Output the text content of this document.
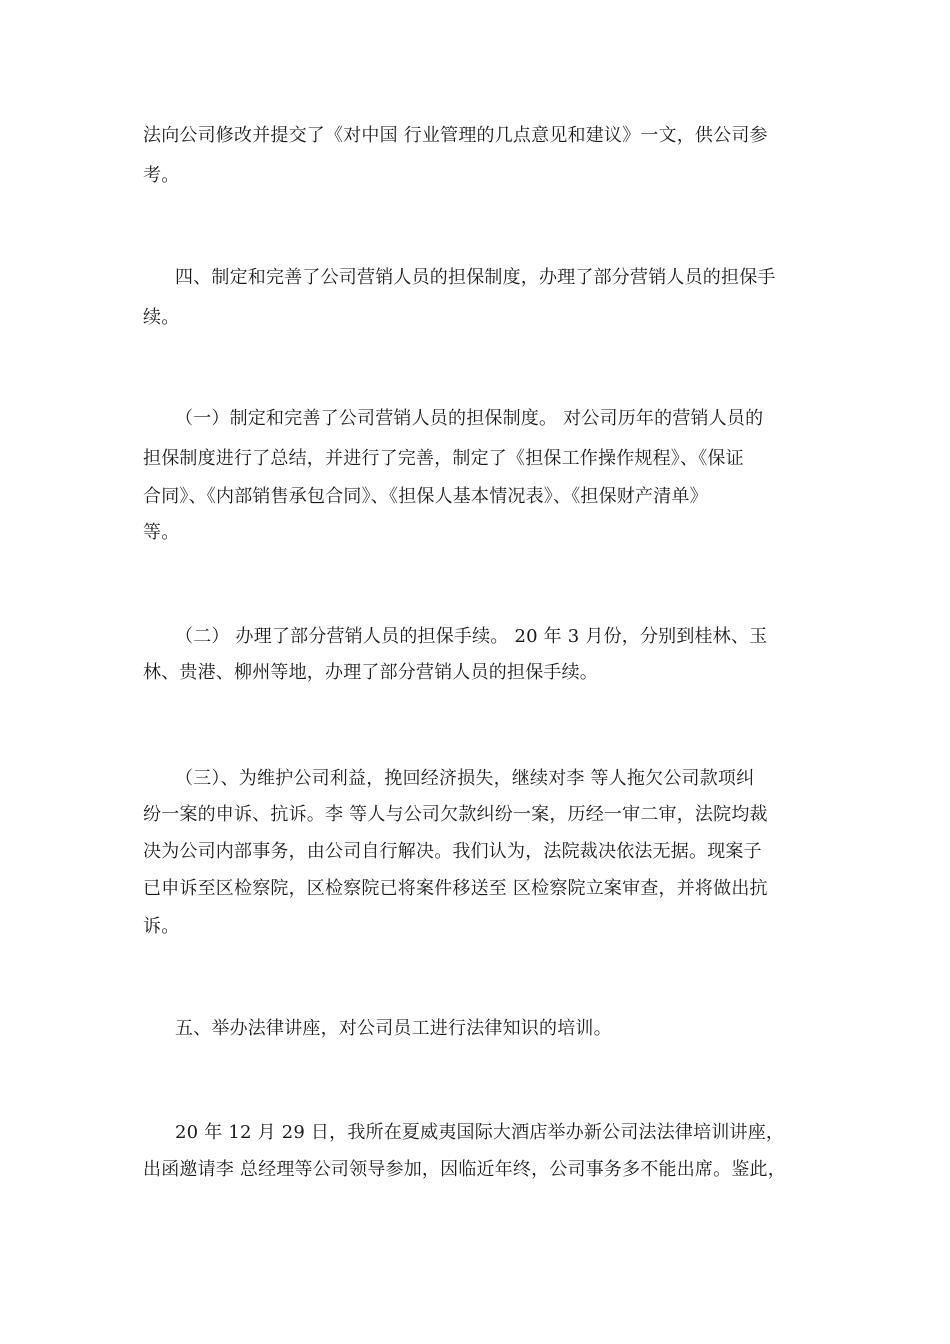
法向公司修改并提交了《对中国 行业管理的几点意见和建议》一文，供公司参
考。
四、制定和完善了公司营销人员的担保制度，办理了部分营销人员的担保手
续。
（一）制定和完善了公司营销人员的担保制度。 对公司历年的营销人员的
担保制度进行了总结，并进行了完善，制定了《担保工作操作规程》、《保证
合同》、《内部销售承包合同》、《担保人基本情况表》、《担保财产清单》
等。
（二） 办理了部分营销人员的担保手续。 20 年 3 月份，分别到桂林、玉
林、贵港、柳州等地，办理了部分营销人员的担保手续。
（三）、为维护公司利益，挽回经济损失，继续对李 等人拖欠公司款项纠
纷一案的申诉、抗诉。李 等人与公司欠款纠纷一案，历经一审二审，法院均裁
决为公司内部事务，由公司自行解决。我们认为，法院裁决依法无据。现案子
已申诉至区检察院，区检察院已将案件移送至 区检察院立案审查，并将做出抗
诉。
五、举办法律讲座，对公司员工进行法律知识的培训。
20 年 12 月 29 日，我所在夏威夷国际大酒店举办新公司法法律培训讲座，
出函邀请李 总经理等公司领导参加，因临近年终，公司事务多不能出席。鉴此，
